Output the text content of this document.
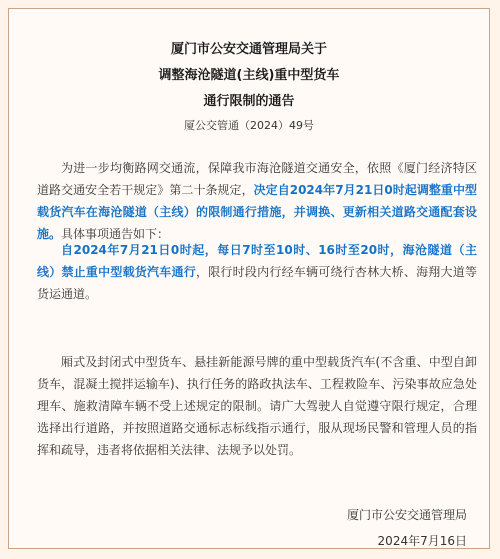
厦门市公安交通管理局关于
调整海沧隧道(主线)重中型货车
通行限制的通告
厦公交管通（2024）49号

为进一步均衡路网交通流，保障我市海沧隧道交通安全，依照《厦门经济特区道路交通安全若干规定》第二十条规定，决定自2024年7月21日0时起调整重中型载货汽车在海沧隧道（主线）的限制通行措施，并调换、更新相关道路交通配套设施。具体事项通告如下：

自2024年7月21日0时起，每日7时至10时、16时至20时，海沧隧道（主线）禁止重中型载货汽车通行，限行时段内行经车辆可绕行杏林大桥、海翔大道等货运通道。

厢式及封闭式中型货车、悬挂新能源号牌的重中型载货汽车(不含重、中型自卸货车，混凝土搅拌运输车)、执行任务的路政执法车、工程救险车、污染事故应急处理车、施救清障车辆不受上述规定的限制。请广大驾驶人自觉遵守限行规定，合理选择出行道路，并按照道路交通标志标线指示通行，服从现场民警和管理人员的指挥和疏导，违者将依据相关法律、法规予以处罚。

厦门市公安交通管理局
2024年7月16日
